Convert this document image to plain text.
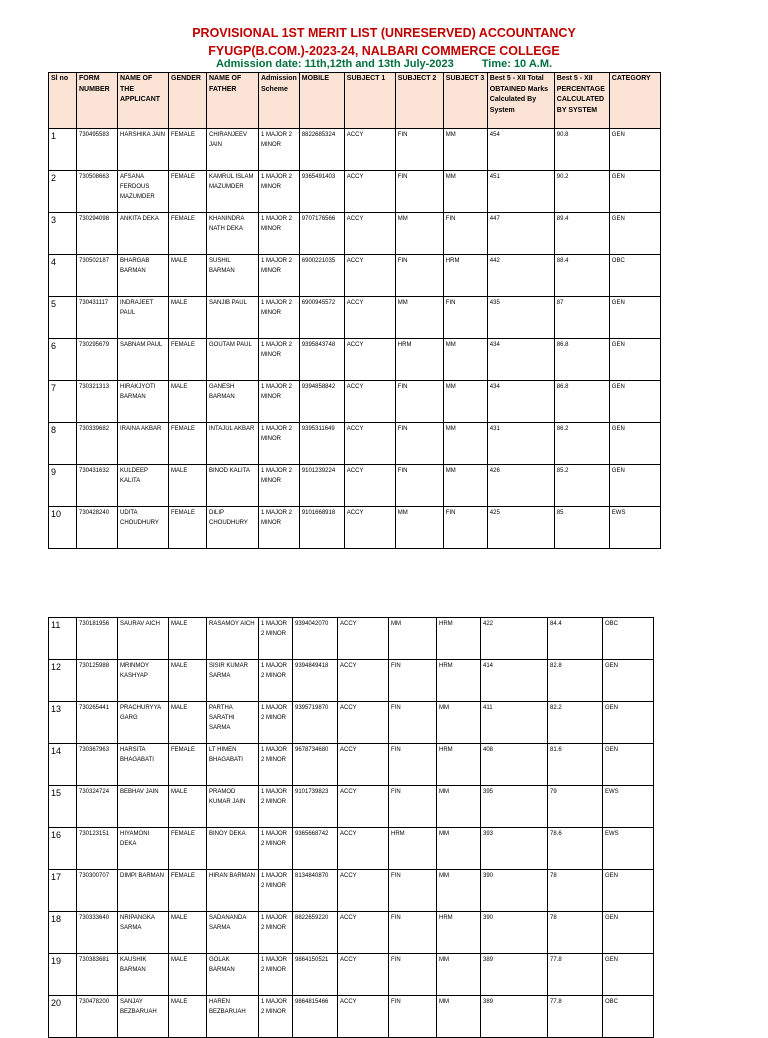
PROVISIONAL 1ST MERIT LIST (UNRESERVED) ACCOUNTANCY
FYUGP(B.COM.)-2023-24, NALBARI COMMERCE COLLEGE
Admission date: 11th,12th and 13th July-2023	Time: 10 A.M.
Sl no	FORM NUMBER	NAME OF THE APPLICANT	GENDER	NAME OF FATHER	Admission Scheme	MOBILE	SUBJECT 1	SUBJECT 2	SUBJECT 3	Best 5 - XII Total OBTAINED Marks Calculated By System	Best 5 - XII PERCENTAGE CALCULATED BY SYSTEM	CATEGORY
1	730495583	HARSHIKA JAIN	FEMALE	CHIRANJEEV JAIN	1 MAJOR 2 MINOR	8822685324	ACCY	FIN	MM	454	90.8	GEN
2	730508663	AFSANA FERDOUS MAZUMDER	FEMALE	KAMRUL ISLAM MAZUMDER	1 MAJOR 2 MINOR	9365491403	ACCY	FIN	MM	451	90.2	GEN
3	730294098	ANKITA DEKA	FEMALE	KHANINDRA NATH DEKA	1 MAJOR 2 MINOR	9707176566	ACCY	MM	FIN	447	89.4	GEN
4	730502187	BHARGAB BARMAN	MALE	SUSHIL BARMAN	1 MAJOR 2 MINOR	6900221035	ACCY	FIN	HRM	442	88.4	OBC
5	730431117	INDRAJEET PAUL	MALE	SANJIB PAUL	1 MAJOR 2 MINOR	6900945572	ACCY	MM	FIN	435	87	GEN
6	730295679	SABNAM PAUL	FEMALE	GOUTAM PAUL	1 MAJOR 2 MINOR	9395843748	ACCY	HRM	MM	434	86.8	GEN
7	730321313	HIRAKJYOTI BARMAN	MALE	GANESH BARMAN	1 MAJOR 2 MINOR	9394858842	ACCY	FIN	MM	434	86.8	GEN
8	730339682	IRAINA AKBAR	FEMALE	INTAJUL AKBAR	1 MAJOR 2 MINOR	9395311649	ACCY	FIN	MM	431	86.2	GEN
9	730431632	KULDEEP KALITA	MALE	BINOD KALITA	1 MAJOR 2 MINOR	9101239224	ACCY	FIN	MM	426	85.2	GEN
10	730428240	UDITA CHOUDHURY	FEMALE	DILIP CHOUDHURY	1 MAJOR 2 MINOR	9101668918	ACCY	MM	FIN	425	85	EWS
11	730181956	SAURAV AICH	MALE	RASAMOY AICH	1 MAJOR 2 MINOR	9394042070	ACCY	MM	HRM	422	84.4	OBC
12	730125988	MRINMOY KASHYAP	MALE	SISIR KUMAR SARMA	1 MAJOR 2 MINOR	9394849418	ACCY	FIN	HRM	414	82.8	GEN
13	730265441	PRACHURYYA GARG	MALE	PARTHA SARATHI SARMA	1 MAJOR 2 MINOR	9395719870	ACCY	FIN	MM	411	82.2	GEN
14	730367963	HARSITA BHAGABATI	FEMALE	LT HIMEN BHAGABATI	1 MAJOR 2 MINOR	9678734680	ACCY	FIN	HRM	408	81.6	GEN
15	730324724	BEBHAV JAIN	MALE	PRAMOD KUMAR JAIN	1 MAJOR 2 MINOR	9101739823	ACCY	FIN	MM	395	79	EWS
16	730123151	HIYAMONI DEKA	FEMALE	BINOY DEKA	1 MAJOR 2 MINOR	9365668742	ACCY	HRM	MM	393	78.6	EWS
17	730300707	DIMPI BARMAN	FEMALE	HIRAN BARMAN	1 MAJOR 2 MINOR	8134840870	ACCY	FIN	MM	390	78	GEN
18	730333640	NRIPANGKA SARMA	MALE	SADANANDA SARMA	1 MAJOR 2 MINOR	8822659220	ACCY	FIN	HRM	390	78	GEN
19	730383681	KAUSHIK BARMAN	MALE	GOLAK BARMAN	1 MAJOR 2 MINOR	9864150521	ACCY	FIN	MM	389	77.8	GEN
20	730478200	SANJAY BEZBARUAH	MALE	HAREN BEZBARUAH	1 MAJOR 2 MINOR	9864815466	ACCY	FIN	MM	389	77.8	OBC
